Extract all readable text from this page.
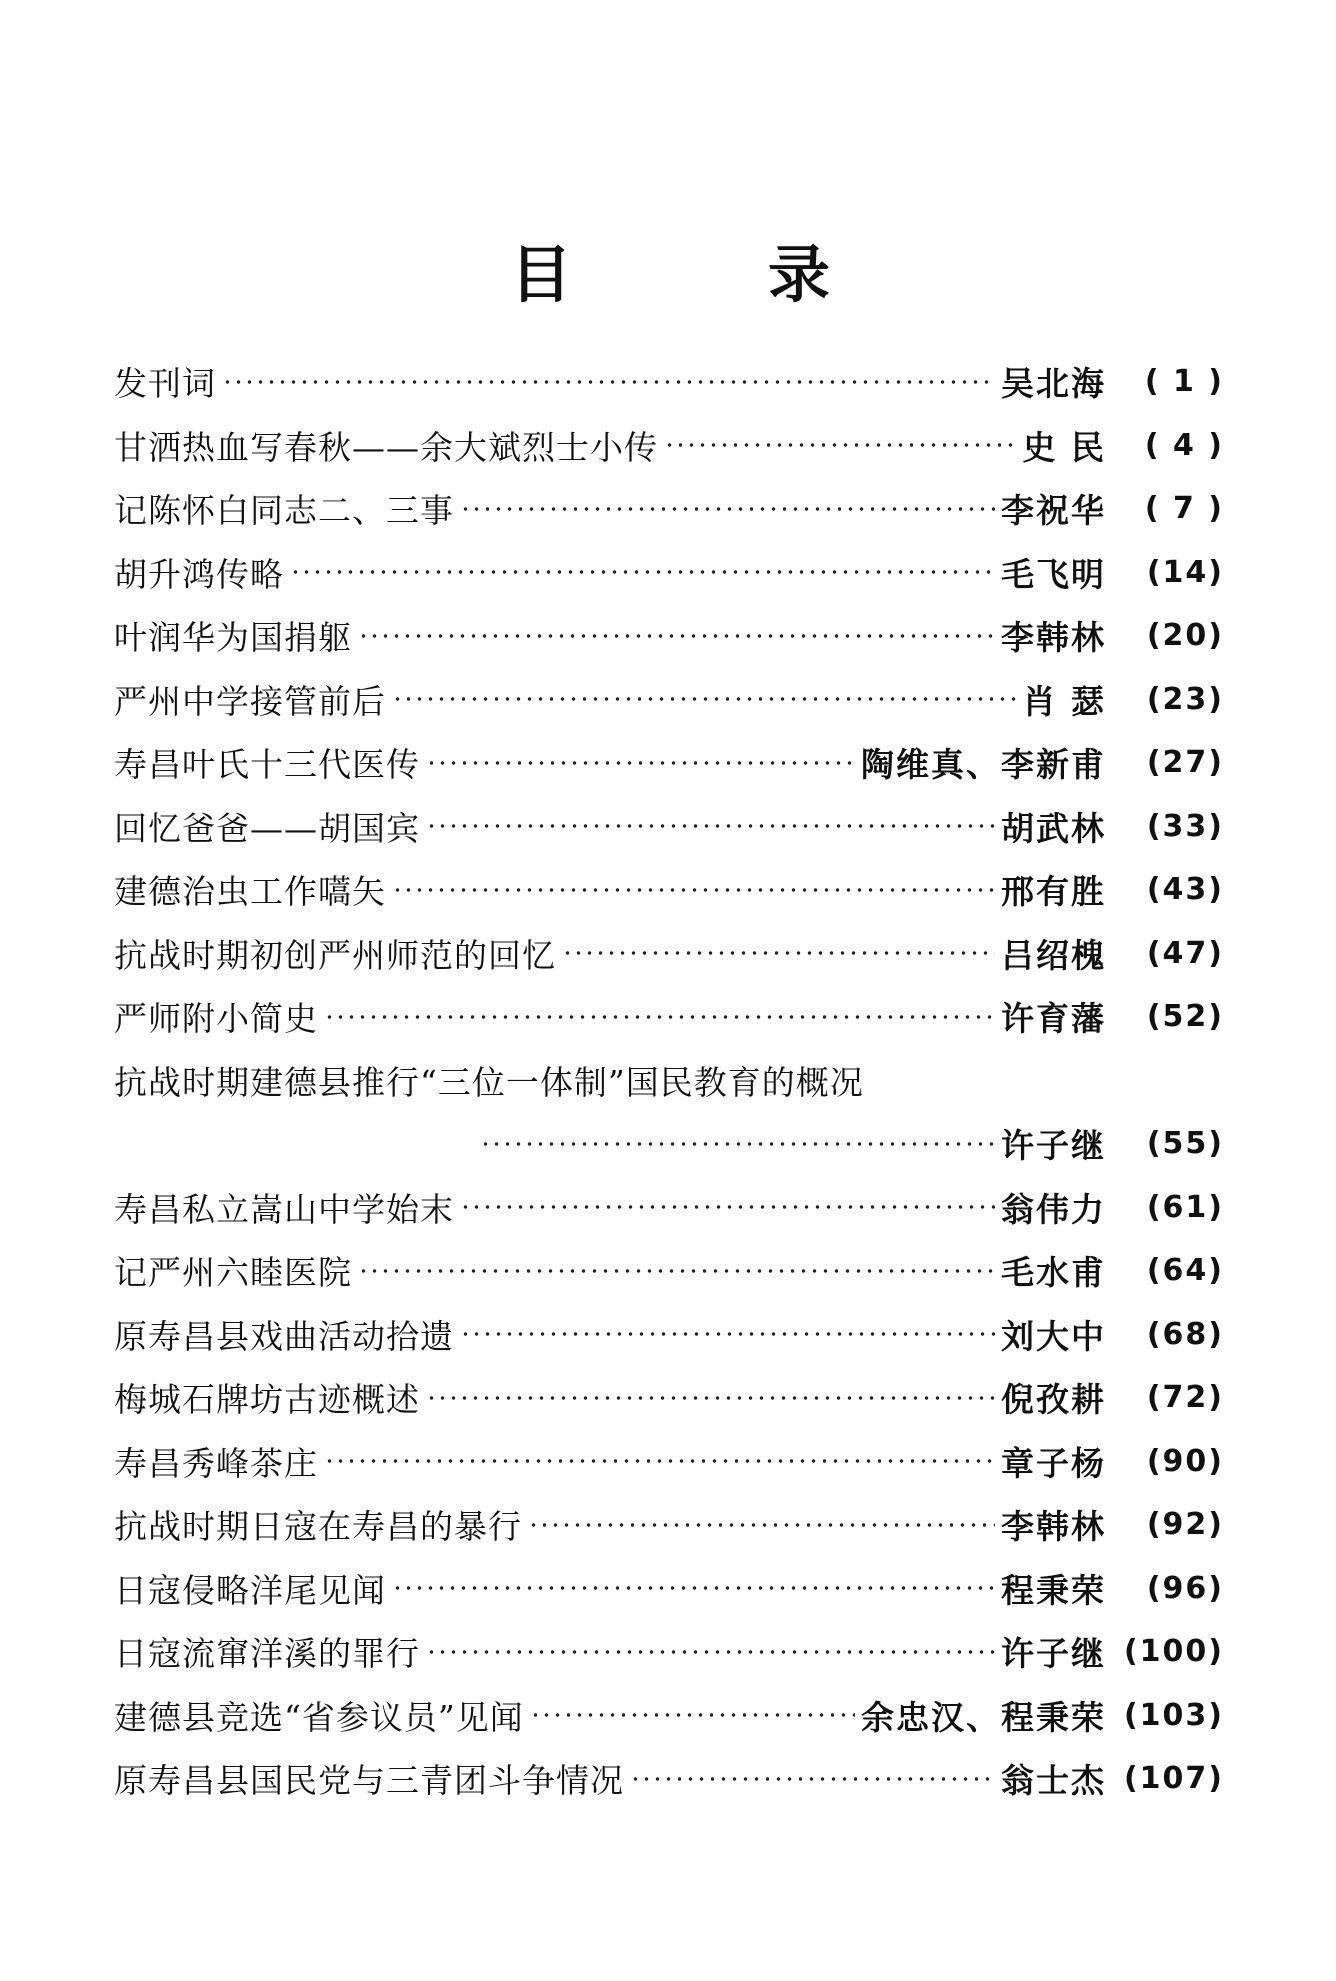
目	录
发刊词	吴北海	( 1 )
甘洒热血写春秋——余大斌烈士小传	史 民	( 4 )
记陈怀白同志二、三事	李祝华	( 7 )
胡升鸿传略	毛飞明	(14)
叶润华为国捐躯	李韩林	(20)
严州中学接管前后	肖 瑟	(23)
寿昌叶氏十三代医传	陶维真、李新甫	(27)
回忆爸爸——胡国宾	胡武林	(33)
建德治虫工作嚆矢	邢有胜	(43)
抗战时期初创严州师范的回忆	吕绍槐	(47)
严师附小简史	许育藩	(52)
抗战时期建德县推行“三位一体制”国民教育的概况
许子继	(55)
寿昌私立嵩山中学始末	翁伟力	(61)
记严州六睦医院	毛水甫	(64)
原寿昌县戏曲活动拾遗	刘大中	(68)
梅城石牌坊古迹概述	倪孜耕	(72)
寿昌秀峰茶庄	章子杨	(90)
抗战时期日寇在寿昌的暴行	李韩林	(92)
日寇侵略洋尾见闻	程秉荣	(96)
日寇流窜洋溪的罪行	许子继 (100)
建德县竞选“省参议员”见闻	余忠汉、程秉荣 (103)
原寿昌县国民党与三青团斗争情况	翁士杰 (107)
